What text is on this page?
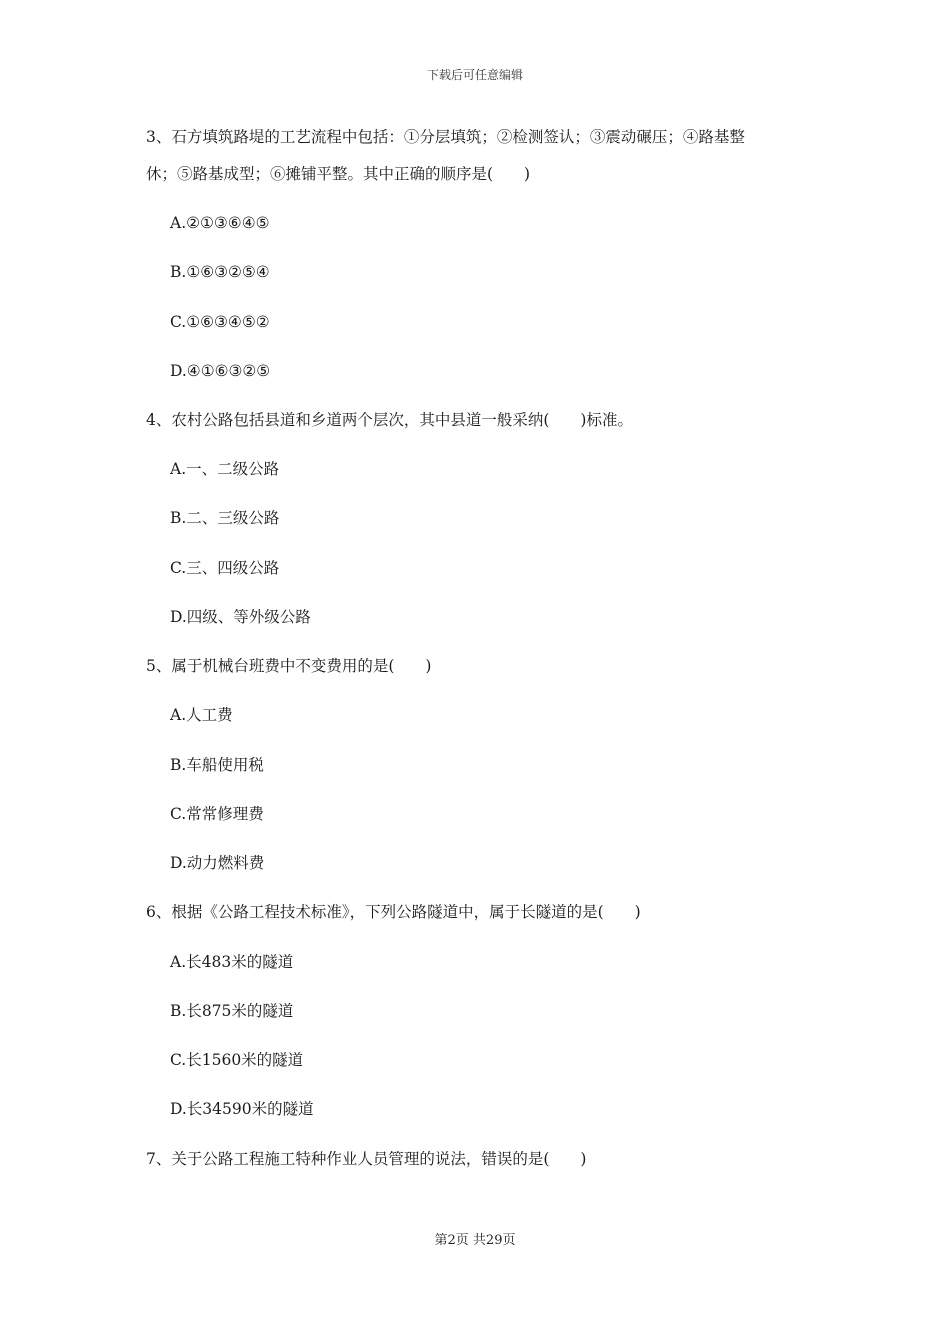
下载后可任意编辑
3、石方填筑路堤的工艺流程中包括：①分层填筑；②检测签认；③震动碾压；④路基整
休；⑤路基成型；⑥摊铺平整。其中正确的顺序是(　　)
A.②①③⑥④⑤
B.①⑥③②⑤④
C.①⑥③④⑤②
D.④①⑥③②⑤
4、农村公路包括县道和乡道两个层次，其中县道一般采纳(　　)标准。
A.一、二级公路
B.二、三级公路
C.三、四级公路
D.四级、等外级公路
5、属于机械台班费中不变费用的是(　　)
A.人工费
B.车船使用税
C.常常修理费
D.动力燃料费
6、根据《公路工程技术标准》，下列公路隧道中，属于长隧道的是(　　)
A.长483米的隧道
B.长875米的隧道
C.长1560米的隧道
D.长34590米的隧道
7、关于公路工程施工特种作业人员管理的说法，错误的是(　　)
第2页 共29页
